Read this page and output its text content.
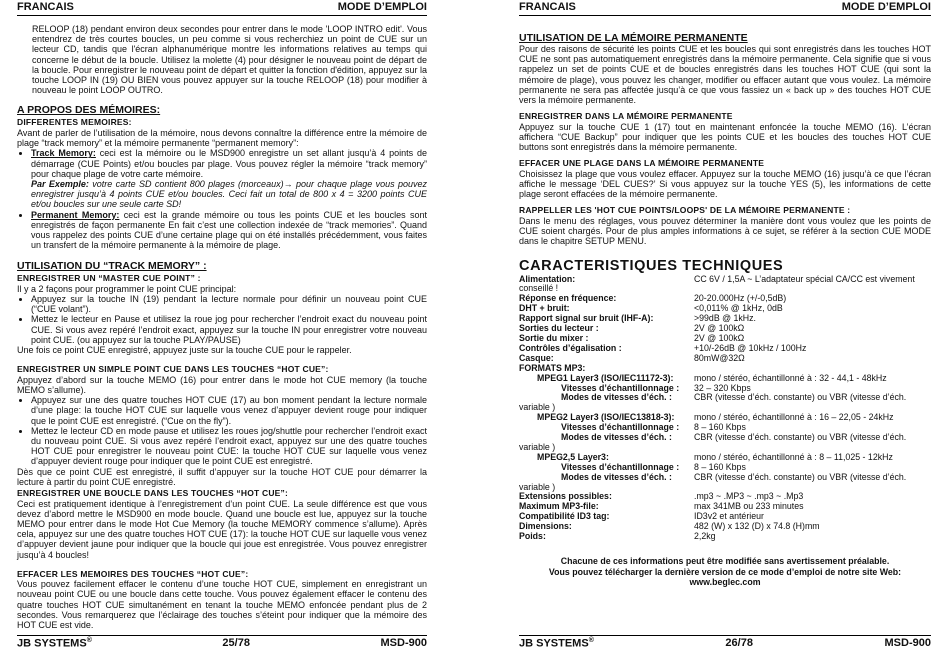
FRANCAIS	MODE D’EMPLOI
RELOOP (18) pendant environ deux secondes pour entrer dans le mode 'LOOP INTRO edit'. Vous entendrez de très courtes boucles, un peu comme si vous recherchiez un point de CUE sur un lecteur CD, tandis que l'écran alphanumérique montre les informations relatives au temps qui concerne le début de la boucle. Utilisez la molette (4) pour désigner le nouveau point de départ de la boucle. Pour enregistrer le nouveau point de départ et quitter la fonction d'édition, appuyez sur la touche LOOP IN (19) OU BIEN vous pouvez appuyer sur la touche RELOOP (18) pour modifier à nouveau le point LOOP OUTRO.
A PROPOS DES MÉMOIRES:
DIFFERENTES MEMOIRES:
Avant de parler de l’utilisation de la mémoire, nous devons connaître la différence entre la mémoire de plage “track memory” et la mémoire permanente “permanent memory”:
• Track Memory: ceci est la mémoire ou le MSD900 enregistre un set allant jusqu’à 4 points de démarrage (CUE Points) et/ou boucles par plage. Vous pouvez régler la mémoire “track memory” pour chaque plage de votre carte mémoire.
Par Exemple: votre carte SD contient 800 plages (morceaux)→ pour chaque plage vous pouvez enregistrer jusqu’à 4 points CUE et/ou boucles. Ceci fait un total de 800 x 4 = 3200 points CUE et/ou boucles sur une seule carte SD!
• Permanent Memory: ceci est la grande mémoire ou tous les points CUE et les boucles sont enregistrés de façon permanente En fait c’est une collection indexée de “track memories”. Quand vous rappelez des points CUE d’une certaine plage qui on été installés précédemment, vous faites un transfert de la mémoire permanente à la mémoire de plage.
UTILISATION DU “TRACK MEMORY” :
ENREGISTRER UN “MASTER CUE POINT” :
Il y a 2 façons pour programmer le point CUE principal:
• Appuyez sur la touche IN (19) pendant la lecture normale pour définir un nouveau point CUE (“CUE volant”).
• Mettez le lecteur en Pause et utilisez la roue jog pour rechercher l’endroit exact du nouveau point CUE. Si vous avez repéré l’endroit exact, appuyez sur la touche IN pour enregistrer votre nouveau point CUE. (ou appuyez sur la touche PLAY/PAUSE)
Une fois ce point CUE enregistré, appuyez juste sur la touche CUE pour le rappeler.
ENREGISTRER UN SIMPLE POINT CUE DANS LES TOUCHES “HOT CUE”:
Appuyez d’abord sur la touche MEMO (16) pour entrer dans le mode hot CUE memory (la touche MEMO s’allume).
• Appuyez sur une des quatre touches HOT CUE (17) au bon moment pendant la lecture normale d’une plage: la touche HOT CUE sur laquelle vous venez d’appuyer devient rouge pour indiquer que le point CUE est enregistré. (“Cue on the fly”).
• Mettez le lecteur CD en mode pause et utilisez les roues jog/shuttle pour rechercher l’endroit exact du nouveau point CUE. Si vous avez repéré l’endroit exact, appuyez sur une des quatre touches HOT CUE pour enregistrer le nouveau point CUE: la touche HOT CUE sur laquelle vous venez d’appuyer devient rouge pour indiquer que le point CUE est enregistré.
Dès que ce point CUE est enregistré, il suffit d’appuyer sur la touche HOT CUE pour démarrer la lecture à partir du point CUE enregistré.
ENREGISTRER UNE BOUCLE DANS LES TOUCHES “HOT CUE”:
Ceci est pratiquement identique à l’enregistrement d’un point CUE. La seule différence est que vous devez d’abord mettre le MSD900 en mode boucle. Quand une boucle est lue, appuyez sur la touche MEMO pour entrer dans le mode Hot Cue Memory (la touche MEMORY commence s’allume). Après cela, appuyez sur une des quatre touches HOT CUE (17): la touche HOT CUE sur laquelle vous venez d’appuyer devient jaune pour indiquer que la boucle qui joue est enregistrée. Vous pouvez enregistrer jusqu’à 4 boucles!
EFFACER LES MEMOIRES DES TOUCHES “HOT CUE”:
Vous pouvez facilement effacer le contenu d’une touche HOT CUE, simplement en enregistrant un nouveau point CUE ou une boucle dans cette touche. Vous pouvez également effacer le contenu des quatre touches HOT CUE simultanément en tenant la touche MEMO enfoncée pendant plus de 2 secondes. Vous remarquerez que l’éclairage des touches s’éteint pour indiquer que la mémoire des HOT CUE est vide.
JB SYSTEMS®	25/78	MSD-900
FRANCAIS	MODE D’EMPLOI
UTILISATION DE LA MÉMOIRE PERMANENTE
Pour des raisons de sécurité les points CUE et les boucles qui sont enregistrés dans les touches HOT CUE ne sont pas automatiquement enregistrés dans la mémoire permanente. Cela signifie que si vous rappelez un set de points CUE et de boucles enregistrés dans les touches HOT CUE (qui sont la mémoire de plage), vous pouvez les changer, modifier ou effacer autant que vous voulez. La mémoire permanente ne sera pas affectée jusqu’à ce que vous fassiez un « back up » des touches HOT CUE vers la mémoire permanente.
ENREGISTRER DANS LA MÉMOIRE PERMANENTE
Appuyez sur la touche CUE 1 (17) tout en maintenant enfoncée la touche MEMO (16). L’écran affichera “CUE Backup” pour indiquer que les points CUE et les boucles des touches HOT CUE buttons sont enregistrés dans la mémoire permanente.
EFFACER UNE PLAGE DANS LA MÉMOIRE PERMANENTE
Choisissez la plage que vous voulez effacer. Appuyez sur la touche MEMO (16) jusqu’à ce que l’écran affiche le message ‘DEL CUES?’ Si vous appuyez sur la touche YES (5), les informations de cette plage seront effacées de la mémoire permanente.
RAPPELLER LES 'HOT CUE POINTS/LOOPS' DE LA MÉMOIRE PERMANENTE :
Dans le menu des réglages, vous pouvez déterminer la manière dont vous voulez que les points de CUE soient chargés. Pour de plus amples informations à ce sujet, se référer à la section CUE MODE dans le chapitre SETUP MENU.
CARACTERISTIQUES TECHNIQUES
Alimentation:	CC 6V / 1,5A ~ L’adaptateur spécial CA/CC est vivement
conseillé !
Réponse en fréquence:	20-20.000Hz (+/-0,5dB)
DHT + bruit:	<0,011% @ 1kHz, 0dB
Rapport signal sur bruit (IHF-A):	>99dB @ 1kHz.
Sorties du lecteur :	2V @ 100kΩ
Sortie du mixer :	2V @ 100kΩ
Contrôles d’égalisation :	+10/-26dB @ 10kHz / 100Hz
Casque:	80mW@32Ω
FORMATS MP3:
MPEG1 Layer3 (ISO/IEC11172-3):	mono / stéréo, échantillonné à : 32 - 44,1 - 48kHz
Vitesses d’échantillonnage :	32 – 320 Kbps
Modes de vitesses d’éch. :	CBR (vitesse d’éch. constante) ou VBR (vitesse d’éch.
variable )
MPEG2 Layer3 (ISO/IEC13818-3):	mono / stéréo, échantillonné à : 16 – 22,05 - 24kHz
Vitesses d’échantillonnage :	8 – 160 Kbps
Modes de vitesses d’éch. :	CBR (vitesse d’éch. constante) ou VBR (vitesse d’éch.
variable )
MPEG2,5 Layer3:	mono / stéréo, échantillonné à : 8 – 11,025 - 12kHz
Vitesses d’échantillonnage :	8 – 160 Kbps
Modes de vitesses d’éch. :	CBR (vitesse d’éch. constante) ou VBR (vitesse d’éch.
variable )
Extensions possibles:	.mp3 ~ .MP3 ~ .mp3 ~ .Mp3
Maximum MP3-file:	max 341MB ou 233 minutes
Compatibilité ID3 tag:	ID3v2 et antérieur
Dimensions:	482 (W) x 132 (D) x 74.8 (H)mm
Poids:	2,2kg
Chacune de ces informations peut être modifiée sans avertissement préalable.
Vous pouvez télécharger la dernière version de ce mode d’emploi de notre site Web:
www.beglec.com
JB SYSTEMS®	26/78	MSD-900
